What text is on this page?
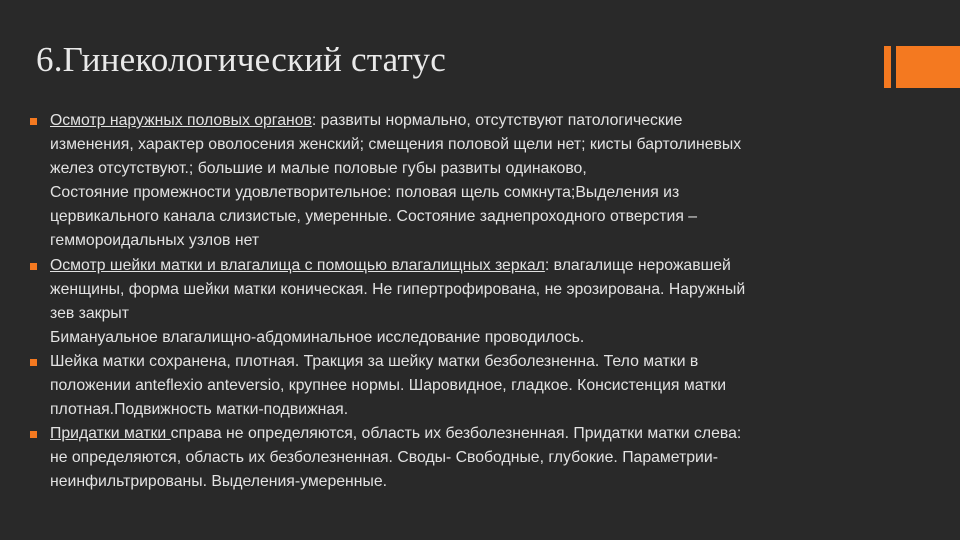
6.Гинекологический статус
Осмотр наружных половых органов: развиты нормально, отсутствуют патологические
изменения, характер оволосения женский; смещения половой щели нет; кисты бартолиневых
желез отсутствуют.; большие и малые половые губы развиты одинаково,
Состояние промежности удовлетворительное: половая щель сомкнута;Выделения из
цервикального канала слизистые, умеренные. Состояние заднепроходного отверстия –
геммороидальных узлов нет
Осмотр шейки матки и влагалища с помощью влагалищных зеркал: влагалище нерожавшей
женщины, форма шейки матки коническая. Не гипертрофирована, не эрозирована. Наружный
зев закрыт
Бимануальное влагалищно-абдоминальное исследование проводилось.
Шейка матки сохранена, плотная. Тракция за шейку матки безболезненна. Тело матки в
положении anteflexio anteversio, крупнее нормы. Шаровидное, гладкое. Консистенция матки
плотная.Подвижность матки-подвижная.
Придатки матки справа не определяются, область их безболезненная. Придатки матки слева:
не определяются, область их безболезненная. Своды- Свободные, глубокие. Параметрии-
неинфильтрированы. Выделения-умеренные.
